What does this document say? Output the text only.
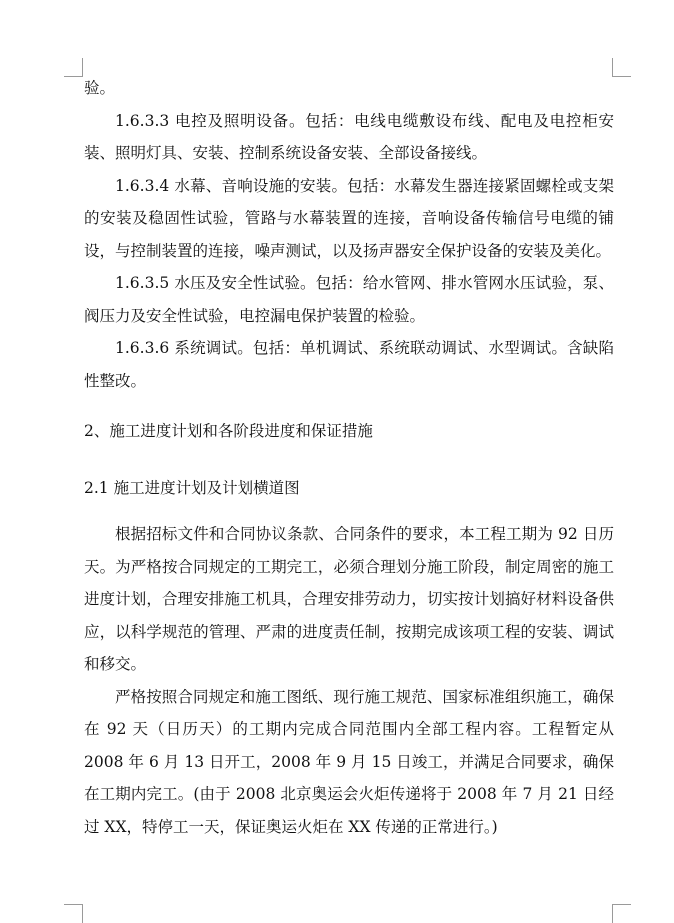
验。

1.6.3.3 电控及照明设备。包括：电线电缆敷设布线、配电及电控柜安装、照明灯具、安装、控制系统设备安装、全部设备接线。

1.6.3.4 水幕、音响设施的安装。包括：水幕发生器连接紧固螺栓或支架的安装及稳固性试验，管路与水幕装置的连接，音响设备传输信号电缆的铺设，与控制装置的连接，噪声测试，以及扬声器安全保护设备的安装及美化。

1.6.3.5 水压及安全性试验。包括：给水管网、排水管网水压试验，泵、阀压力及安全性试验，电控漏电保护装置的检验。

1.6.3.6 系统调试。包括：单机调试、系统联动调试、水型调试。含缺陷性整改。

2、施工进度计划和各阶段进度和保证措施

2.1 施工进度计划及计划横道图

根据招标文件和合同协议条款、合同条件的要求，本工程工期为 92 日历天。为严格按合同规定的工期完工，必须合理划分施工阶段，制定周密的施工进度计划，合理安排施工机具，合理安排劳动力，切实按计划搞好材料设备供应，以科学规范的管理、严肃的进度责任制，按期完成该项工程的安装、调试和移交。

严格按照合同规定和施工图纸、现行施工规范、国家标准组织施工，确保在 92 天（日历天）的工期内完成合同范围内全部工程内容。工程暂定从 2008 年 6 月 13 日开工，2008 年 9 月 15 日竣工，并满足合同要求，确保在工期内完工。(由于 2008 北京奥运会火炬传递将于 2008 年 7 月 21 日经过 XX，特停工一天，保证奥运火炬在 XX 传递的正常进行。)
